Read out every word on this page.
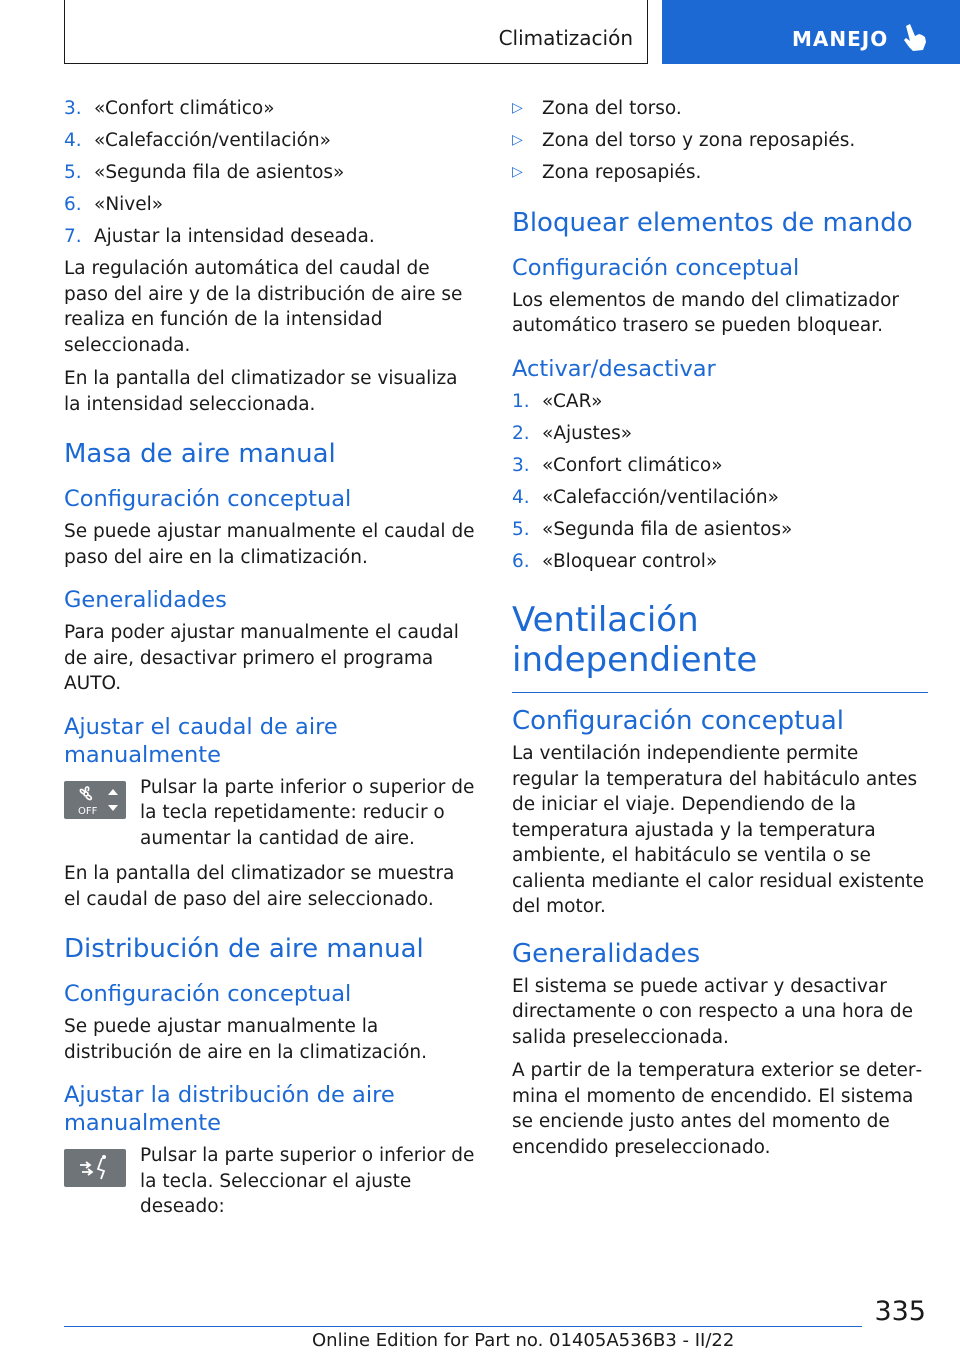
Climatización	MANEJO
3. «Confort climático»
4. «Calefacción/ventilación»
5. «Segunda fila de asientos»
6. «Nivel»
7. Ajustar la intensidad deseada.

La regulación automática del caudal de paso del aire y de la distribución de aire se realiza en función de la intensidad seleccionada.

En la pantalla del climatizador se visualiza la intensidad seleccionada.

Masa de aire manual
Configuración conceptual

Se puede ajustar manualmente el caudal de paso del aire en la climatización.

Generalidades

Para poder ajustar manualmente el caudal de aire, desactivar primero el programa AUTO.

Ajustar el caudal de aire manualmente
OFF

Pulsar la parte inferior o superior de la tecla repetidamente: reducir o aumentar la cantidad de aire.

En la pantalla del climatizador se muestra el caudal de paso del aire seleccionado.

Distribución de aire manual
Configuración conceptual

Se puede ajustar manualmente la distribución de aire en la climatización.

Ajustar la distribución de aire manualmente

Pulsar la parte superior o inferior de la tecla. Seleccionar el ajuste deseado:

▷	Zona del torso.
▷	Zona del torso y zona reposapiés.
▷	Zona reposapiés.
Bloquear elementos de mando
Configuración conceptual

Los elementos de mando del climatizador automático trasero se pueden bloquear.

Activar/desactivar
1. «CAR»
2. «Ajustes»
3. «Confort climático»
4. «Calefacción/ventilación»
5. «Segunda fila de asientos»
6. «Bloquear control»
Ventilación independiente
Configuración conceptual

La ventilación independiente permite regular la temperatura del habitáculo antes de iniciar el viaje. Dependiendo de la temperatura ajustada y la temperatura ambiente, el habitáculo se ventila o se calienta mediante el calor residual existente del motor.

Generalidades

El sistema se puede activar y desactivar directamente o con respecto a una hora de salida preseleccionada.

A partir de la temperatura exterior se determina el momento de encendido. El sistema se enciende justo antes del momento de encendido preseleccionado.

335
Online Edition for Part no. 01405A536B3 - II/22
